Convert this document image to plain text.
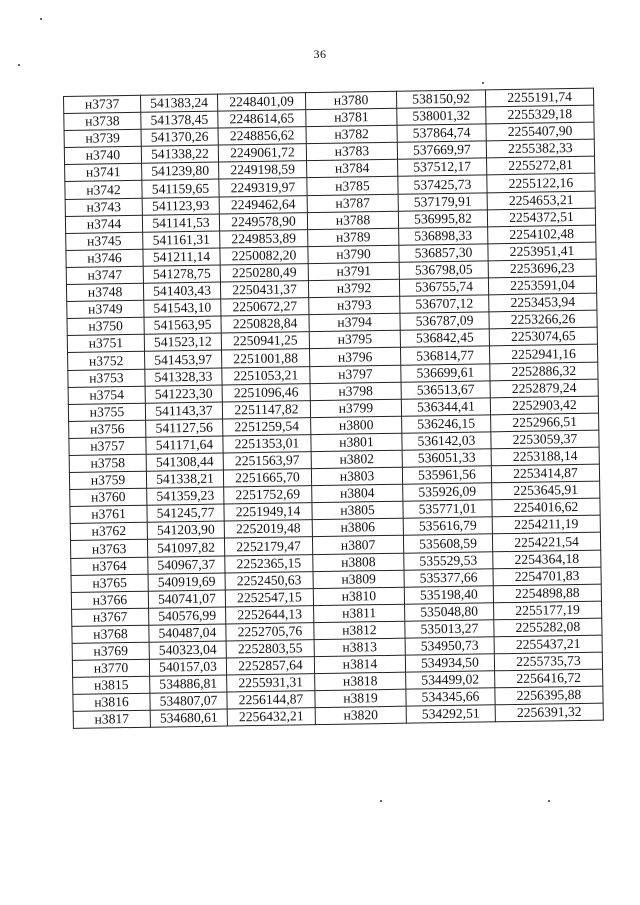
36
н3737	541383,24	2248401,09	н3780	538150,92	2255191,74
н3738	541378,45	2248614,65	н3781	538001,32	2255329,18
н3739	541370,26	2248856,62	н3782	537864,74	2255407,90
н3740	541338,22	2249061,72	н3783	537669,97	2255382,33
н3741	541239,80	2249198,59	н3784	537512,17	2255272,81
н3742	541159,65	2249319,97	н3785	537425,73	2255122,16
н3743	541123,93	2249462,64	н3787	537179,91	2254653,21
н3744	541141,53	2249578,90	н3788	536995,82	2254372,51
н3745	541161,31	2249853,89	н3789	536898,33	2254102,48
н3746	541211,14	2250082,20	н3790	536857,30	2253951,41
н3747	541278,75	2250280,49	н3791	536798,05	2253696,23
н3748	541403,43	2250431,37	н3792	536755,74	2253591,04
н3749	541543,10	2250672,27	н3793	536707,12	2253453,94
н3750	541563,95	2250828,84	н3794	536787,09	2253266,26
н3751	541523,12	2250941,25	н3795	536842,45	2253074,65
н3752	541453,97	2251001,88	н3796	536814,77	2252941,16
н3753	541328,33	2251053,21	н3797	536699,61	2252886,32
н3754	541223,30	2251096,46	н3798	536513,67	2252879,24
н3755	541143,37	2251147,82	н3799	536344,41	2252903,42
н3756	541127,56	2251259,54	н3800	536246,15	2252966,51
н3757	541171,64	2251353,01	н3801	536142,03	2253059,37
н3758	541308,44	2251563,97	н3802	536051,33	2253188,14
н3759	541338,21	2251665,70	н3803	535961,56	2253414,87
н3760	541359,23	2251752,69	н3804	535926,09	2253645,91
н3761	541245,77	2251949,14	н3805	535771,01	2254016,62
н3762	541203,90	2252019,48	н3806	535616,79	2254211,19
н3763	541097,82	2252179,47	н3807	535608,59	2254221,54
н3764	540967,37	2252365,15	н3808	535529,53	2254364,18
н3765	540919,69	2252450,63	н3809	535377,66	2254701,83
н3766	540741,07	2252547,15	н3810	535198,40	2254898,88
н3767	540576,99	2252644,13	н3811	535048,80	2255177,19
н3768	540487,04	2252705,76	н3812	535013,27	2255282,08
н3769	540323,04	2252803,55	н3813	534950,73	2255437,21
н3770	540157,03	2252857,64	н3814	534934,50	2255735,73
н3815	534886,81	2255931,31	н3818	534499,02	2256416,72
н3816	534807,07	2256144,87	н3819	534345,66	2256395,88
н3817	534680,61	2256432,21	н3820	534292,51	2256391,32
